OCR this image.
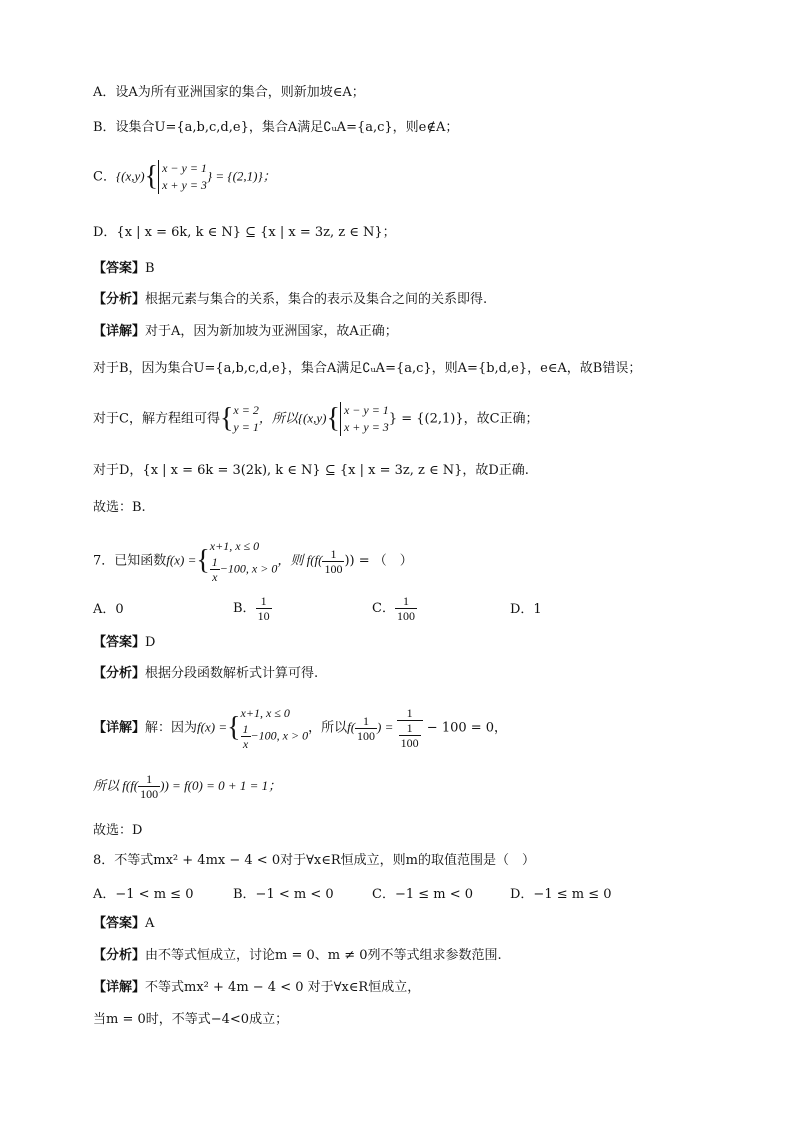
A．设A为所有亚洲国家的集合，则新加坡∈A；
B．设集合U={a,b,c,d,e}，集合A满足∁ᵤA={a,c}，则e∉A；
C．{(x,y){ x − y = 1
x + y = 3
} = {(2,1)}；
D．{x | x = 6k, k ∈ N} ⊆ {x | x = 3z, z ∈ N}；
【答案】B
【分析】根据元素与集合的关系，集合的表示及集合之间的关系即得.
【详解】对于A，因为新加坡为亚洲国家，故A正确；
对于B，因为集合U={a,b,c,d,e}，集合A满足∁ᵤA={a,c}，则A={b,d,e}，e∈A，故B错误；
对于C，解方程组可得{ x = 2
y = 1
，所以{(x,y){ x − y = 1
x + y = 3
} = {(2,1)}，故C正确；
对于D，{x | x = 6k = 3(2k), k ∈ N} ⊆ {x | x = 3z, z ∈ N}，故D正确.
故选：B.
7．已知函数f(x) ={ x+1, x ≤ 0
$\frac{1}{x} -100$, x > 0
，则 $f(f( \frac{1}{100}$ )) = （　）
A．0	B． $\frac{1}{10}$	C． $\frac{1}{100}$	D．1
【答案】D
【分析】根据分段函数解析式计算可得.
【详解】解：因为f(x) ={ x+1, x ≤ 0
$\frac{1}{x} -100$, x > 0 ，所以$f( \frac{1}{100}$ ) = $\frac{1}{\frac{1}{100}} - 100 = 0$，
所以 $f(f( \frac{1}{100}$ )) = f(0) = 0 + 1 = 1；
故选：D
8．不等式mx² + 4mx − 4 < 0对于∀x∈R恒成立，则m的取值范围是（　）
A．−1 < m ≤ 0	B．−1 < m < 0	C．−1 ≤ m < 0	D．−1 ≤ m ≤ 0
【答案】A
【分析】由不等式恒成立，讨论m = 0、m ≠ 0列不等式组求参数范围.
【详解】不等式mx² + 4m − 4 < 0 对于∀x∈R恒成立，
当m = 0时，不等式−4<0成立；
